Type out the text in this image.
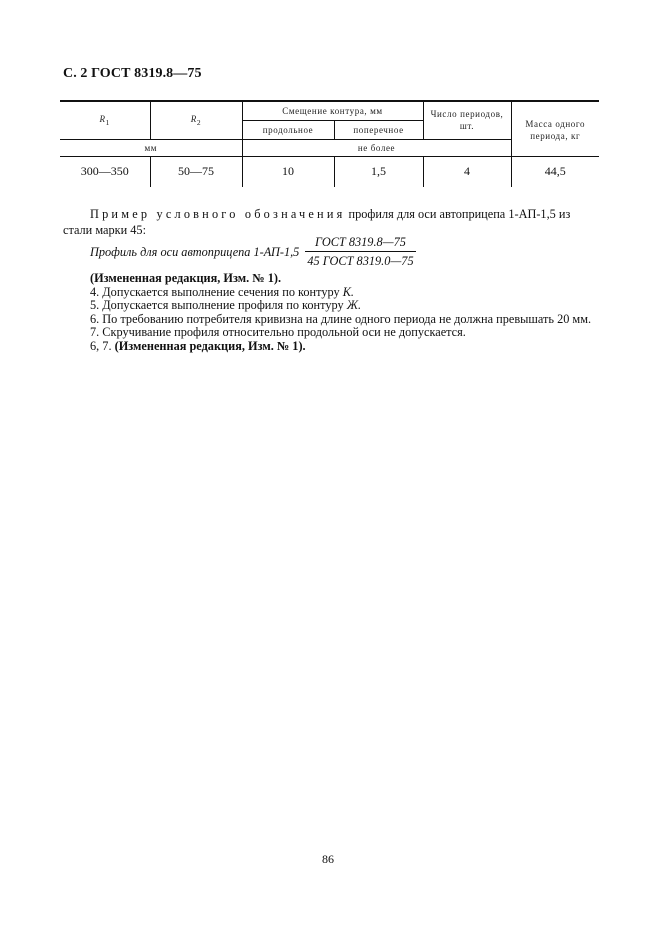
С. 2 ГОСТ 8319.8—75
$R_1$	$R_2$	Смещение контура, мм		Число периодов, шт.	Масса одного периода, кг
		продольное	поперечное		
мм		не более			
300—350	50—75	10	1,5	4	44,5
Пример условного обозначения профиля для оси автоприцепа 1-АП-1,5 из
стали марки 45:
Профиль для оси автоприцепа $1-АП-1,5 \frac{\text{ГОСТ 8319.8—75}}{\text{45 ГОСТ 8319.0—75}}$
(Измененная редакция, Изм. № 1).
4. Допускается выполнение сечения по контуру К.
5. Допускается выполнение профиля по контуру Ж.
6. По требованию потребителя кривизна на длине одного периода не должна превышать 20 мм.
7. Скручивание профиля относительно продольной оси не допускается.
6, 7. (Измененная редакция, Изм. № 1).
86
